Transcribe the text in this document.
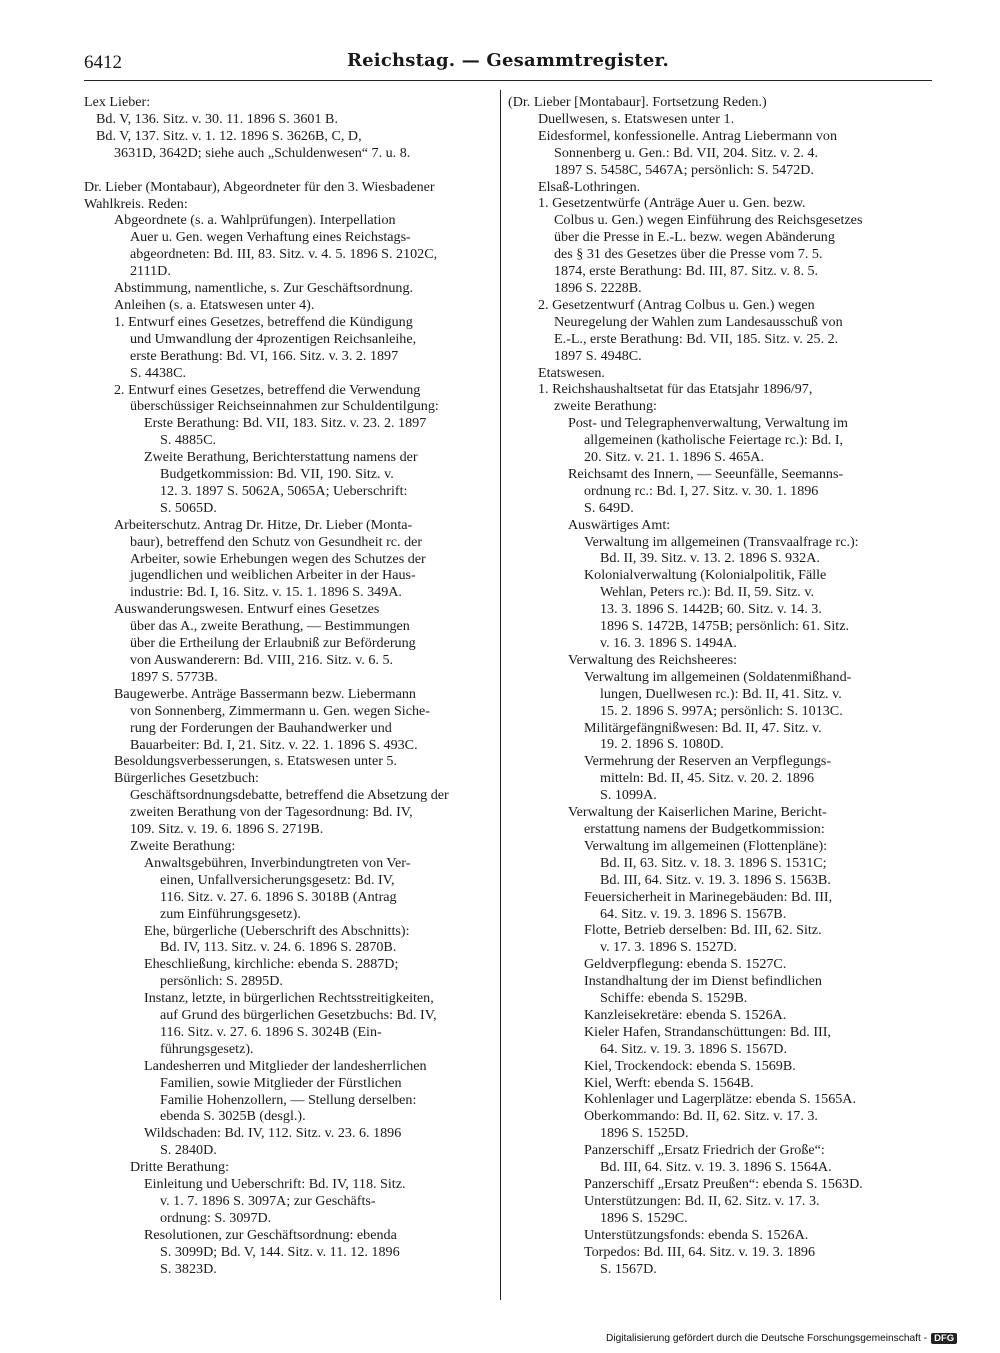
6412	Reichstag. — Gesammtregister.
Lex Lieber:
Bd. V, 136. Sitz. v. 30. 11. 1896 S. 3601 B.
Bd. V, 137. Sitz. v. 1. 12. 1896 S. 3626B, C, D,
3631D, 3642D; siehe auch „Schuldenwesen“ 7. u. 8.
Dr. Lieber (Montabaur), Abgeordneter für den 3. Wiesbadener
Wahlkreis. Reden:
Abgeordnete (s. a. Wahlprüfungen). Interpellation
Auer u. Gen. wegen Verhaftung eines Reichstags-
abgeordneten: Bd. III, 83. Sitz. v. 4. 5. 1896 S. 2102C,
2111D.
Abstimmung, namentliche, s. Zur Geschäftsordnung.
Anleihen (s. a. Etatswesen unter 4).
1. Entwurf eines Gesetzes, betreffend die Kündigung
und Umwandlung der 4prozentigen Reichsanleihe,
erste Berathung: Bd. VI, 166. Sitz. v. 3. 2. 1897
S. 4438C.
2. Entwurf eines Gesetzes, betreffend die Verwendung
überschüssiger Reichseinnahmen zur Schuldentilgung:
Erste Berathung: Bd. VII, 183. Sitz. v. 23. 2. 1897
S. 4885C.
Zweite Berathung, Berichterstattung namens der
Budgetkommission: Bd. VII, 190. Sitz. v.
12. 3. 1897 S. 5062A, 5065A; Ueberschrift:
S. 5065D.
Arbeiterschutz. Antrag Dr. Hitze, Dr. Lieber (Monta-
baur), betreffend den Schutz von Gesundheit rc. der
Arbeiter, sowie Erhebungen wegen des Schutzes der
jugendlichen und weiblichen Arbeiter in der Haus-
industrie: Bd. I, 16. Sitz. v. 15. 1. 1896 S. 349A.
Auswanderungswesen. Entwurf eines Gesetzes
über das A., zweite Berathung, — Bestimmungen
über die Ertheilung der Erlaubniß zur Beförderung
von Auswanderern: Bd. VIII, 216. Sitz. v. 6. 5.
1897 S. 5773B.
Baugewerbe. Anträge Bassermann bezw. Liebermann
von Sonnenberg, Zimmermann u. Gen. wegen Siche-
rung der Forderungen der Bauhandwerker und
Bauarbeiter: Bd. I, 21. Sitz. v. 22. 1. 1896 S. 493C.
Besoldungsverbesserungen, s. Etatswesen unter 5.
Bürgerliches Gesetzbuch:
Geschäftsordnungsdebatte, betreffend die Absetzung der
zweiten Berathung von der Tagesordnung: Bd. IV,
109. Sitz. v. 19. 6. 1896 S. 2719B.
Zweite Berathung:
Anwaltsgebühren, Inverbindungtreten von Ver-
einen, Unfallversicherungsgesetz: Bd. IV,
116. Sitz. v. 27. 6. 1896 S. 3018B (Antrag
zum Einführungsgesetz).
Ehe, bürgerliche (Ueberschrift des Abschnitts):
Bd. IV, 113. Sitz. v. 24. 6. 1896 S. 2870B.
Eheschließung, kirchliche: ebenda S. 2887D;
persönlich: S. 2895D.
Instanz, letzte, in bürgerlichen Rechtsstreitigkeiten,
auf Grund des bürgerlichen Gesetzbuchs: Bd. IV,
116. Sitz. v. 27. 6. 1896 S. 3024B (Ein-
führungsgesetz).
Landesherren und Mitglieder der landesherrlichen
Familien, sowie Mitglieder der Fürstlichen
Familie Hohenzollern, — Stellung derselben:
ebenda S. 3025B (desgl.).
Wildschaden: Bd. IV, 112. Sitz. v. 23. 6. 1896
S. 2840D.
Dritte Berathung:
Einleitung und Ueberschrift: Bd. IV, 118. Sitz.
v. 1. 7. 1896 S. 3097A; zur Geschäfts-
ordnung: S. 3097D.
Resolutionen, zur Geschäftsordnung: ebenda
S. 3099D; Bd. V, 144. Sitz. v. 11. 12. 1896
S. 3823D.
(Dr. Lieber [Montabaur]. Fortsetzung Reden.)
Duellwesen, s. Etatswesen unter 1.
Eidesformel, konfessionelle. Antrag Liebermann von
Sonnenberg u. Gen.: Bd. VII, 204. Sitz. v. 2. 4.
1897 S. 5458C, 5467A; persönlich: S. 5472D.
Elsaß-Lothringen.
1. Gesetzentwürfe (Anträge Auer u. Gen. bezw.
Colbus u. Gen.) wegen Einführung des Reichsgesetzes
über die Presse in E.-L. bezw. wegen Abänderung
des § 31 des Gesetzes über die Presse vom 7. 5.
1874, erste Berathung: Bd. III, 87. Sitz. v. 8. 5.
1896 S. 2228B.
2. Gesetzentwurf (Antrag Colbus u. Gen.) wegen
Neuregelung der Wahlen zum Landesausschuß von
E.-L., erste Berathung: Bd. VII, 185. Sitz. v. 25. 2.
1897 S. 4948C.
Etatswesen.
1. Reichshaushaltsetat für das Etatsjahr 1896/97,
zweite Berathung:
Post- und Telegraphenverwaltung, Verwaltung im
allgemeinen (katholische Feiertage rc.): Bd. I,
20. Sitz. v. 21. 1. 1896 S. 465A.
Reichsamt des Innern, — Seeunfälle, Seemanns-
ordnung rc.: Bd. I, 27. Sitz. v. 30. 1. 1896
S. 649D.
Auswärtiges Amt:
Verwaltung im allgemeinen (Transvaalfrage rc.):
Bd. II, 39. Sitz. v. 13. 2. 1896 S. 932A.
Kolonialverwaltung (Kolonialpolitik, Fälle
Wehlan, Peters rc.): Bd. II, 59. Sitz. v.
13. 3. 1896 S. 1442B; 60. Sitz. v. 14. 3.
1896 S. 1472B, 1475B; persönlich: 61. Sitz.
v. 16. 3. 1896 S. 1494A.
Verwaltung des Reichsheeres:
Verwaltung im allgemeinen (Soldatenmißhand-
lungen, Duellwesen rc.): Bd. II, 41. Sitz. v.
15. 2. 1896 S. 997A; persönlich: S. 1013C.
Militärgefängnißwesen: Bd. II, 47. Sitz. v.
19. 2. 1896 S. 1080D.
Vermehrung der Reserven an Verpflegungs-
mitteln: Bd. II, 45. Sitz. v. 20. 2. 1896
S. 1099A.
Verwaltung der Kaiserlichen Marine, Bericht-
erstattung namens der Budgetkommission:
Verwaltung im allgemeinen (Flottenpläne):
Bd. II, 63. Sitz. v. 18. 3. 1896 S. 1531C;
Bd. III, 64. Sitz. v. 19. 3. 1896 S. 1563B.
Feuersicherheit in Marinegebäuden: Bd. III,
64. Sitz. v. 19. 3. 1896 S. 1567B.
Flotte, Betrieb derselben: Bd. III, 62. Sitz.
v. 17. 3. 1896 S. 1527D.
Geldverpflegung: ebenda S. 1527C.
Instandhaltung der im Dienst befindlichen
Schiffe: ebenda S. 1529B.
Kanzleisekretäre: ebenda S. 1526A.
Kieler Hafen, Strandanschüttungen: Bd. III,
64. Sitz. v. 19. 3. 1896 S. 1567D.
Kiel, Trockendock: ebenda S. 1569B.
Kiel, Werft: ebenda S. 1564B.
Kohlenlager und Lagerplätze: ebenda S. 1565A.
Oberkommando: Bd. II, 62. Sitz. v. 17. 3.
1896 S. 1525D.
Panzerschiff „Ersatz Friedrich der Große“:
Bd. III, 64. Sitz. v. 19. 3. 1896 S. 1564A.
Panzerschiff „Ersatz Preußen“: ebenda S. 1563D.
Unterstützungen: Bd. II, 62. Sitz. v. 17. 3.
1896 S. 1529C.
Unterstützungsfonds: ebenda S. 1526A.
Torpedos: Bd. III, 64. Sitz. v. 19. 3. 1896
S. 1567D.
Digitalisierung gefördert durch die Deutsche Forschungsgemeinschaft - DFG
